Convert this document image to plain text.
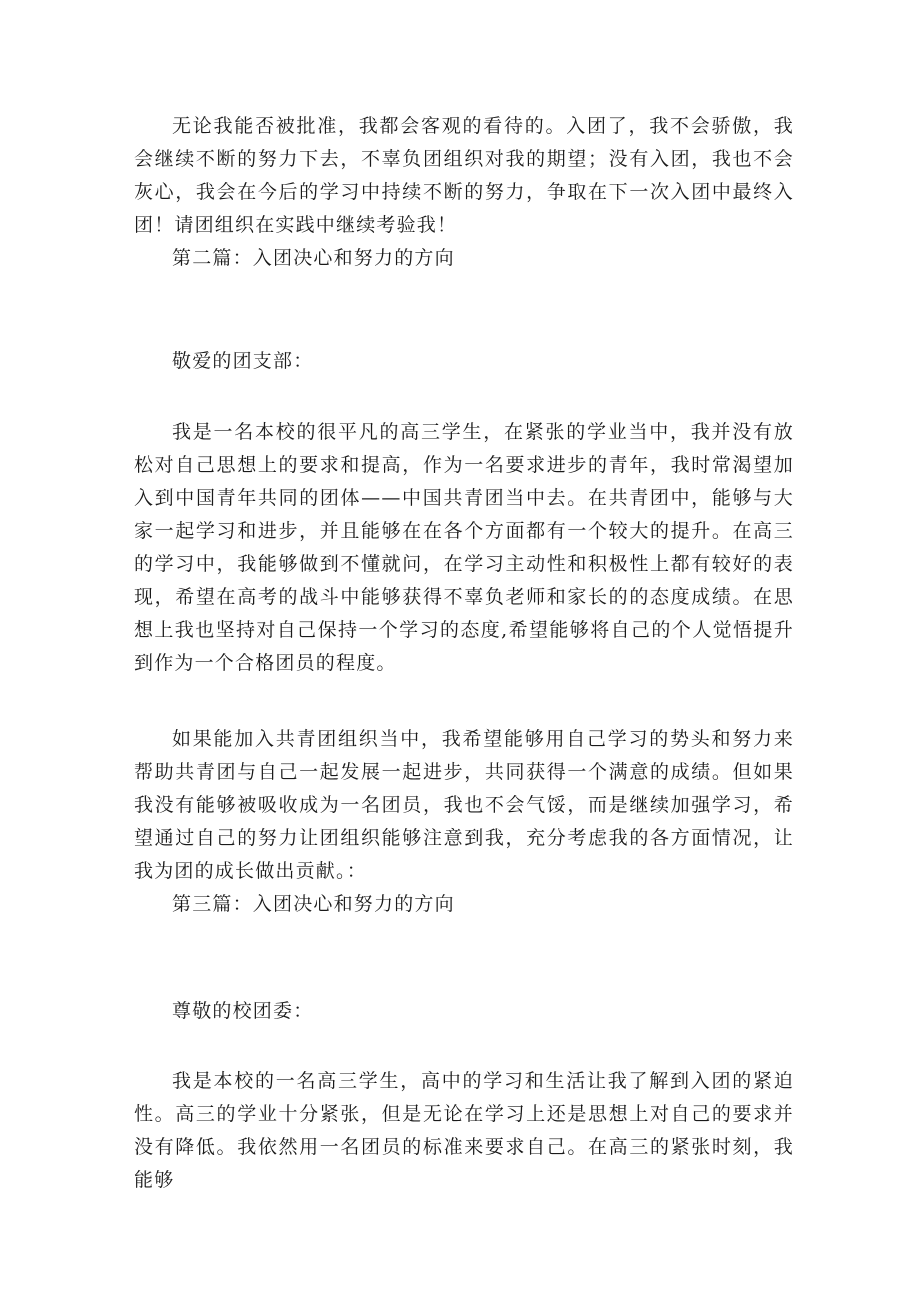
无论我能否被批准，我都会客观的看待的。入团了，我不会骄傲，我会继续不断的努力下去，不辜负团组织对我的期望；没有入团，我也不会灰心，我会在今后的学习中持续不断的努力，争取在下一次入团中最终入团！请团组织在实践中继续考验我！

第二篇：入团决心和努力的方向

敬爱的团支部：

我是一名本校的很平凡的高三学生，在紧张的学业当中，我并没有放松对自己思想上的要求和提高，作为一名要求进步的青年，我时常渴望加入到中国青年共同的团体——中国共青团当中去。在共青团中，能够与大家一起学习和进步，并且能够在在各个方面都有一个较大的提升。在高三的学习中，我能够做到不懂就问，在学习主动性和积极性上都有较好的表现，希望在高考的战斗中能够获得不辜负老师和家长的的态度成绩。在思想上我也坚持对自己保持一个学习的态度,希望能够将自己的个人觉悟提升到作为一个合格团员的程度。

如果能加入共青团组织当中，我希望能够用自己学习的势头和努力来帮助共青团与自己一起发展一起进步，共同获得一个满意的成绩。但如果我没有能够被吸收成为一名团员，我也不会气馁，而是继续加强学习，希望通过自己的努力让团组织能够注意到我，充分考虑我的各方面情况，让我为团的成长做出贡献。：

第三篇：入团决心和努力的方向

尊敬的校团委：

我是本校的一名高三学生，高中的学习和生活让我了解到入团的紧迫性。高三的学业十分紧张，但是无论在学习上还是思想上对自己的要求并没有降低。我依然用一名团员的标准来要求自己。在高三的紧张时刻，我能够
